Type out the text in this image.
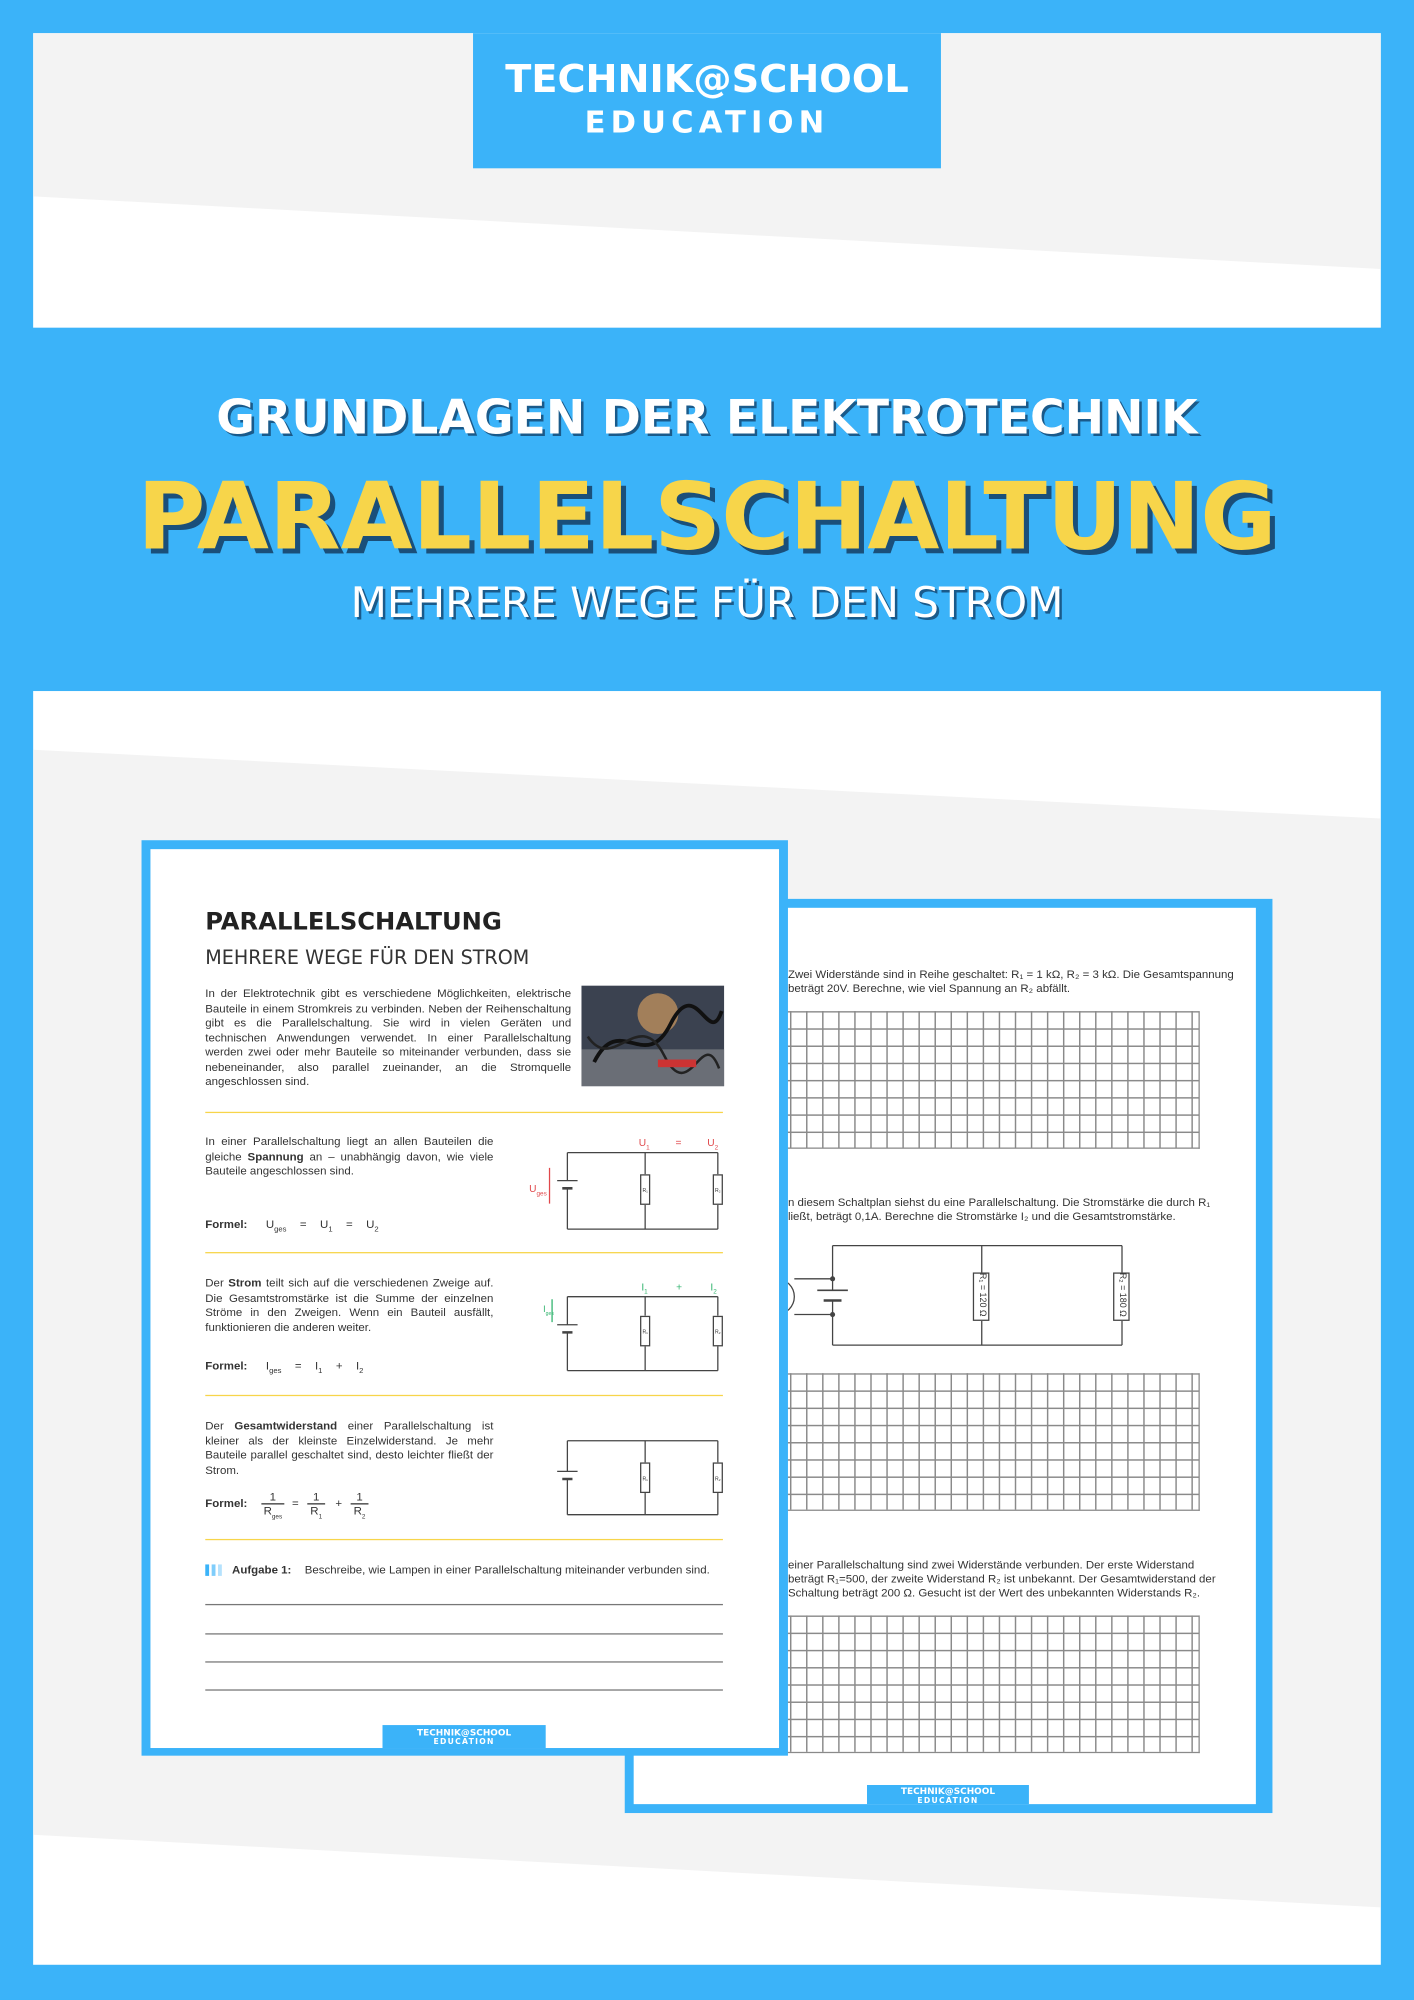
TECHNIK@SCHOOL
EDUCATION
GRUNDLAGEN DER ELEKTROTECHNIK
PARALLELSCHALTUNG
MEHRERE WEGE FÜR DEN STROM
Zwei Widerstände sind in Reihe geschaltet: R₁ = 1 kΩ, R₂ = 3 kΩ. Die Gesamtspannung
beträgt 20V. Berechne, wie viel Spannung an R₂ abfällt.
n diesem Schaltplan siehst du eine Parallelschaltung. Die Stromstärke die durch R₁
ließt, beträgt 0,1A. Berechne die Stromstärke I₂ und die Gesamtstromstärke.
R₁ = 120 Ω	R₂ = 180 Ω
einer Parallelschaltung sind zwei Widerstände verbunden. Der erste Widerstand
beträgt R₁=500, der zweite Widerstand R₂ ist unbekannt. Der Gesamtwiderstand der
Schaltung beträgt 200 Ω. Gesucht ist der Wert des unbekannten Widerstands R₂.
TECHNIK@SCHOOL
EDUCATION
PARALLELSCHALTUNG
MEHRERE WEGE FÜR DEN STROM
In der Elektrotechnik gibt es verschiedene Möglichkeiten, elektrische Bauteile in einem Stromkreis zu verbinden. Neben der Reihenschaltung gibt es die Parallelschaltung. Sie wird in vielen Geräten und technischen Anwendungen verwendet. In einer Parallelschaltung werden zwei oder mehr Bauteile so miteinander verbunden, dass sie nebeneinander, also parallel zueinander, an die Stromquelle angeschlossen sind.
In einer Parallelschaltung liegt an allen Bauteilen die gleiche Spannung an – unabhängig davon, wie viele Bauteile angeschlossen sind.
Formel: $U_{ges} = U_1 = U_2$
R₁	R₂
$U_1$	=	$U_2$
$U_{ges}$
Der Strom teilt sich auf die verschiedenen Zweige auf. Die Gesamtstromstärke ist die Summe der einzelnen Ströme in den Zweigen. Wenn ein Bauteil ausfällt, funktionieren die anderen weiter.
Formel: $I_{ges} = I_1 + I_2$
R₁	R₂
$I_1$	+	$I_2$
$I_{ges}$
Der Gesamtwiderstand einer Parallelschaltung ist kleiner als der kleinste Einzelwiderstand. Je mehr Bauteile parallel geschaltet sind, desto leichter fließt der Strom.
Formel:	1
$R_{ges}$
=	1
$R_1$
+	1
$R_2$
R₁	R₂
Aufgabe 1: Beschreibe, wie Lampen in einer Parallelschaltung miteinander verbunden sind.
TECHNIK@SCHOOL
EDUCATION
